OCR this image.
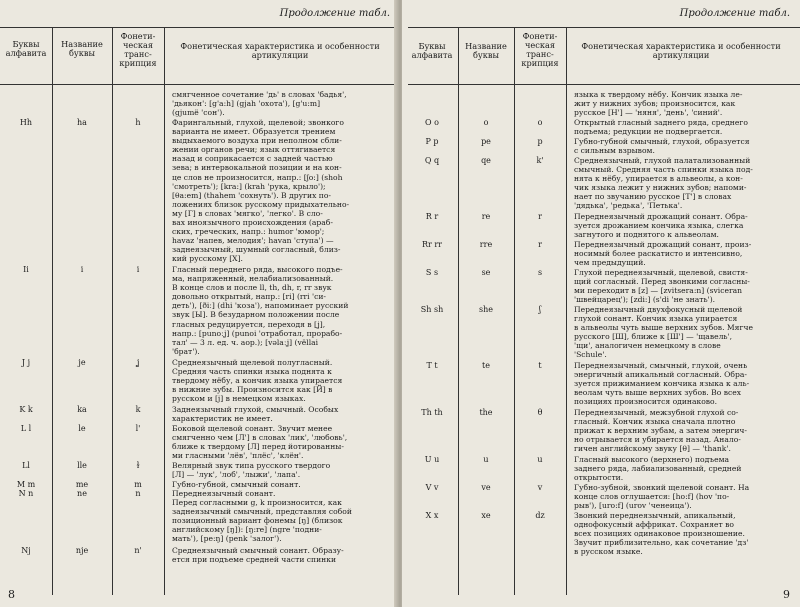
Продолжение табл.
Буквы алфавита
Название буквы
Фонети-ческая транс-крипция
Фонетическая характеристика и особенности артикуляции
смягченное сочетание 'дь' в словах 'бадья',
'дьякон': [g'a:h] (gjah 'охота'), [g'u:m]
(gjumë 'сон').
Hh	ha	h	Фарингальный, глухой, щелевой; звонкого
варианта не имеет. Образуется трением
выдыхаемого воздуха при неполном сбли-
жении органов речи; язык оттягивается
назад и соприкасается с задней частью
зева; в интервокальной позиции и на кон-
це слов не произносится, напр.: [ʃo:] (shoh
'смотреть'); [kra:] (krah 'рука, крыло');
[θa:em] (thahem 'сохнуть'). В других по-
ложениях близок русскому придыхательно-
му [Г] в словах 'мягко', 'легко'. В сло-
вах иноязычного происхождения (араб-
ских, греческих, напр.: humor 'юмор';
havaz 'напев, мелодия'; havan 'ступа') —
заднеязычный, шумный согласный, близ-
кий русскому [Х].
Ii	i	i	Гласный переднего ряда, высокого подъе-
ма, напряженный, нелабиализованный.
В конце слов и после ll, th, dh, r, rr звук
довольно открытый, напр.: [ri] (rri 'си-
деть'), [ðiː] (dhi 'коза'), напоминает русский
звук [Ы]. В безударном положении после
гласных редуцируется, переходя в [ʝ],
напр.: [punoːʝ] (punoi 'отработал, прорабо-
тал' — 3 л. ед. ч. аор.); [vəlaːʝ] (vëllai
'брат').
J j	je	ʝ	Среднеязычный щелевой полугласный.
Средняя часть спинки языка поднята к
твердому нёбу, а кончик языка упирается
в нижние зубы. Произносится как [Й] в
русском и [j] в немецком языках.
K k	ka	k	Заднеязычный глухой, смычный. Особых
характеристик не имеет.
L l	le	l'	Боковой щелевой сонант. Звучит менее
смягченно чем [Л'] в словах 'лик', 'любовь',
ближе к твердому [Л] перед йотированны-
ми гласными 'лёв', 'плёс', 'клён'.
Ll	lle	ɫ	Велярный звук типа русского твердого
[Л] — 'лук', 'лоб', 'лыжи', 'лапа'.
M m	me	m	Губно-губной, смычный сонант.
N n	ne	n	Переднеязычный сонант.
Перед согласными g, k произносится, как
заднеязычный смычный, представляя собой
позиционный вариант фонемы [ŋ] (близок
английскому [ŋ]): [ŋ:re] (ngre 'подни-
мать'), [pe:ŋ] (penk 'залог').
Nj	nje	n'	Среднеязычный смычный сонант. Образу-
ется при подъеме средней части спинки
8
Продолжение табл.
Буквы алфавита
Название буквы
Фонети-ческая транс-крипция
Фонетическая характеристика и особенности артикуляции
языка к твердому нёбу. Кончик языка ле-
жит у нижних зубов; произносится, как
русское [Н'] — 'няня', 'день', 'синий'.
O o	o	o	Открытый гласный заднего ряда, среднего
подъема; редукции не подвергается.
P p	pe	p	Губно-губной смычный, глухой, образуется
с сильным взрывом.
Q q	qe	k'	Среднеязычный, глухой палатализованный
смычный. Средняя часть спинки языка под-
нята к нёбу, упирается в альвеолы, а кон-
чик языка лежит у нижних зубов; напоми-
нает по звучанию русское [Т'] в словах
'дядька', 'редька', 'Петька'.
R r	re	r	Переднеязычный дрожащий сонант. Обра-
зуется дрожанием кончика языка, слегка
загнутого и поднятого к альвеолам.
Rr rr	rre	r	Переднеязычный дрожащий сонант, произ-
носимый более раскатисто и интенсивно,
чем предыдущий.
S s	se	s	Глухой переднеязычный, щелевой, свистя-
щий согласный. Перед звонкими согласны-
ми переходит в [z] — [zvitsera:n] (sviceran
'швейцарец'); [zdi:] (s'di 'не знать').
Sh sh	she	ʃ	Переднеязычный двухфокусный щелевой
глухой сонант. Кончик языка упирается
в альвеолы чуть выше верхних зубов. Мягче
русского [Ш], ближе к [Ш'] — 'щавель',
'щи', аналогичен немецкому в слове
'Schule'.
T t	te	t	Переднеязычный, смычный, глухой, очень
энергичный апикальный согласный. Обра-
зуется прижиманием кончика языка к аль-
веолам чуть выше верхних зубов. Во всех
позициях произносится одинаково.
Th th	the	θ	Переднеязычный, межзубной глухой со-
гласный. Кончик языка сначала плотно
прижат к верхним зубам, а затем энергич-
но отрывается и убирается назад. Анало-
гичен английскому звуку [θ] — 'thank'.
U u	u	u	Гласный высокого (верхнего) подъема
заднего ряда, лабиализованный, средней
открытости.
V v	ve	v	Губно-зубной, звонкий щелевой сонант. На
конце слов оглушается: [ho:f] (hov 'по-
рыв'), [uro:f] (urov 'ченеица').
X x	xe	dz	Звонкий переднеязычный, апикальный,
однофокусный аффрикат. Сохраняет во
всех позициях одинаковое произношение.
Звучит приблизительно, как сочетание 'дз'
в русском языке.
9
